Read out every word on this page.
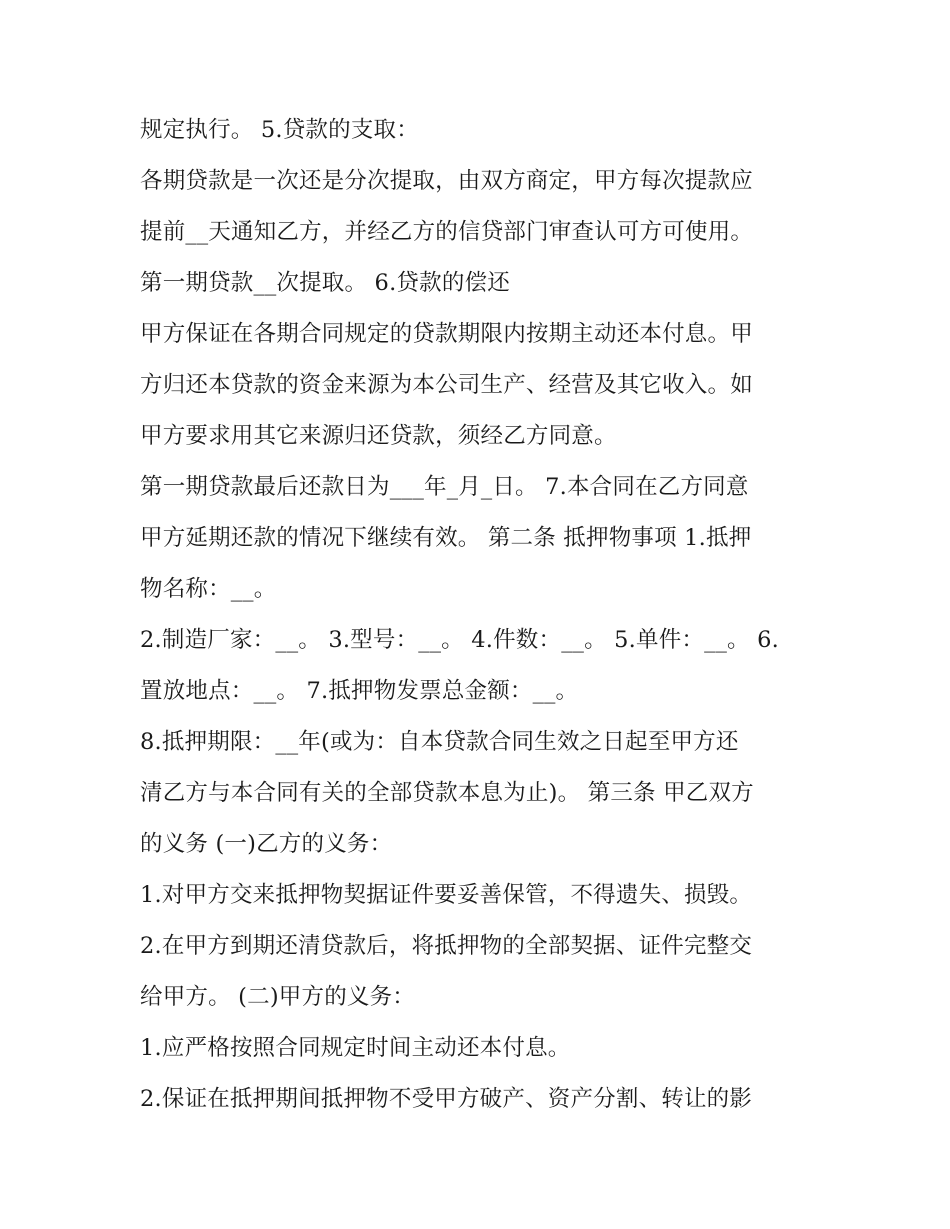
规定执行。 5.贷款的支取：
各期贷款是一次还是分次提取，由双方商定，甲方每次提款应
提前__天通知乙方，并经乙方的信贷部门审查认可方可使用。
第一期贷款__次提取。 6.贷款的偿还
甲方保证在各期合同规定的贷款期限内按期主动还本付息。甲
方归还本贷款的资金来源为本公司生产、经营及其它收入。如
甲方要求用其它来源归还贷款，须经乙方同意。
第一期贷款最后还款日为___年_月_日。 7.本合同在乙方同意
甲方延期还款的情况下继续有效。 第二条 抵押物事项 1.抵押
物名称：__。
2.制造厂家：__。 3.型号：__。 4.件数：__。 5.单件：__。 6.
置放地点：__。 7.抵押物发票总金额：__。
8.抵押期限：__年(或为：自本贷款合同生效之日起至甲方还
清乙方与本合同有关的全部贷款本息为止)。 第三条 甲乙双方
的义务 (一)乙方的义务：
1.对甲方交来抵押物契据证件要妥善保管，不得遗失、损毁。
2.在甲方到期还清贷款后，将抵押物的全部契据、证件完整交
给甲方。 (二)甲方的义务：
1.应严格按照合同规定时间主动还本付息。
2.保证在抵押期间抵押物不受甲方破产、资产分割、转让的影
